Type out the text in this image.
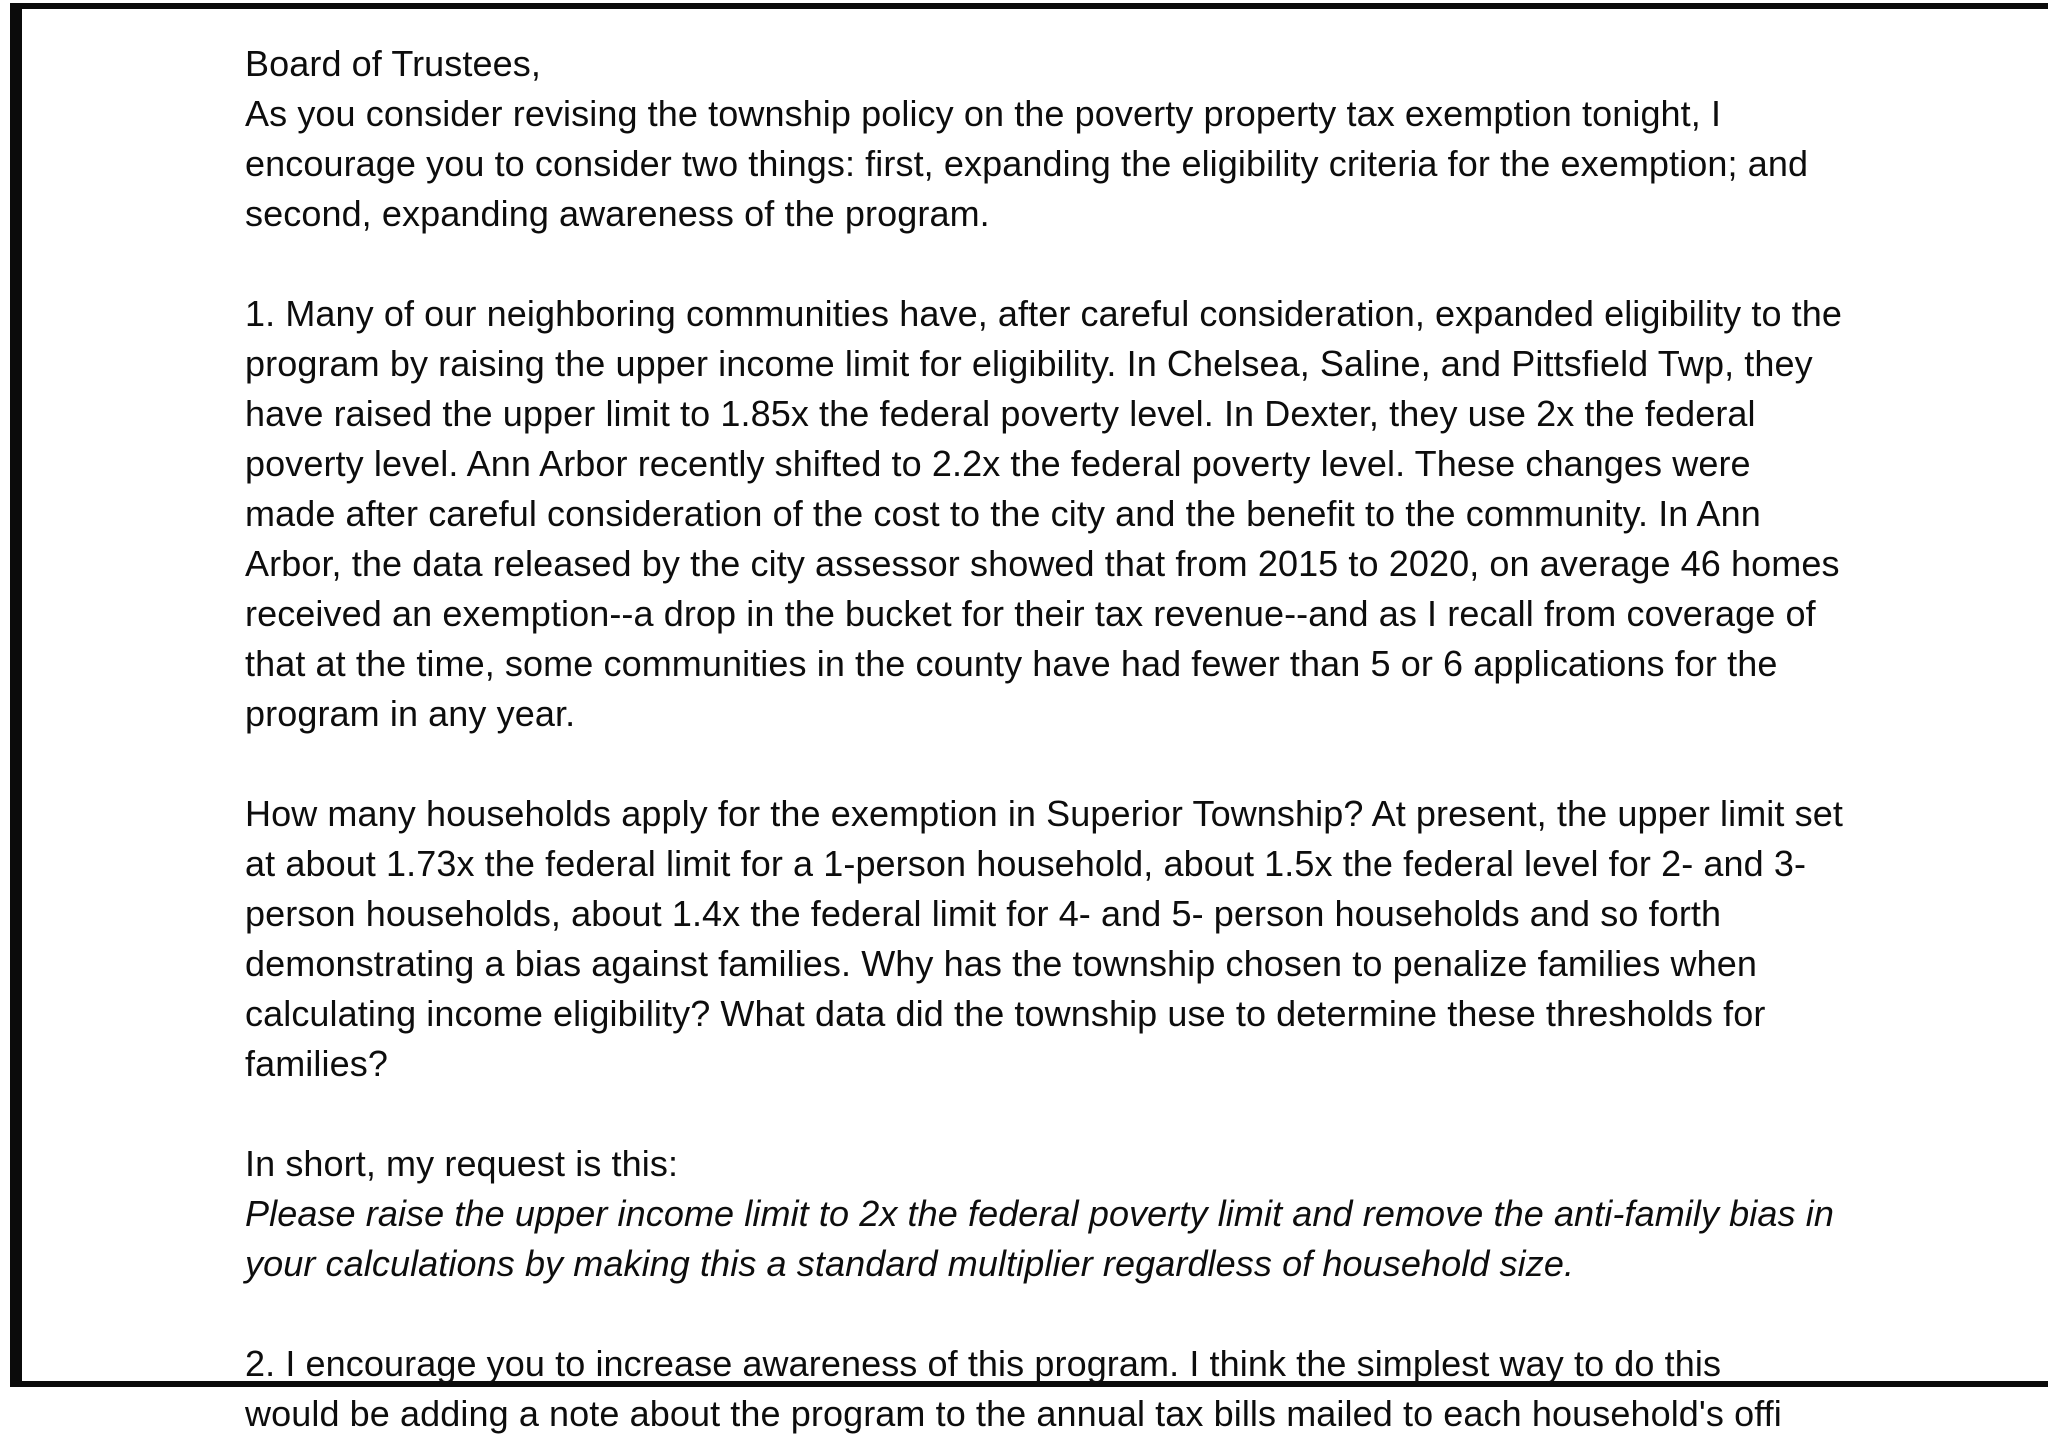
Board of Trustees,

As you consider revising the township policy on the poverty property tax exemption tonight, I encourage you to consider two things: first, expanding the eligibility criteria for the exemption; and second, expanding awareness of the program.

1. Many of our neighboring communities have, after careful consideration, expanded eligibility to the program by raising the upper income limit for eligibility. In Chelsea, Saline, and Pittsfield Twp, they have raised the upper limit to 1.85x the federal poverty level. In Dexter, they use 2x the federal poverty level. Ann Arbor recently shifted to 2.2x the federal poverty level. These changes were made after careful consideration of the cost to the city and the benefit to the community. In Ann Arbor, the data released by the city assessor showed that from 2015 to 2020, on average 46 homes received an exemption--a drop in the bucket for their tax revenue--and as I recall from coverage of that at the time, some communities in the county have had fewer than 5 or 6 applications for the program in any year.

How many households apply for the exemption in Superior Township? At present, the upper limit set at about 1.73x the federal limit for a 1-person household, about 1.5x the federal level for 2- and 3-person households, about 1.4x the federal limit for 4- and 5- person households and so forth demonstrating a bias against families. Why has the township chosen to penalize families when calculating income eligibility? What data did the township use to determine these thresholds for families?

In short, my request is this:

Please raise the upper income limit to 2x the federal poverty limit and remove the anti-family bias in your calculations by making this a standard multiplier regardless of household size.

2. I encourage you to increase awareness of this program. I think the simplest way to do this

would be adding a note about the program to the annual tax bills mailed to each household's offi
